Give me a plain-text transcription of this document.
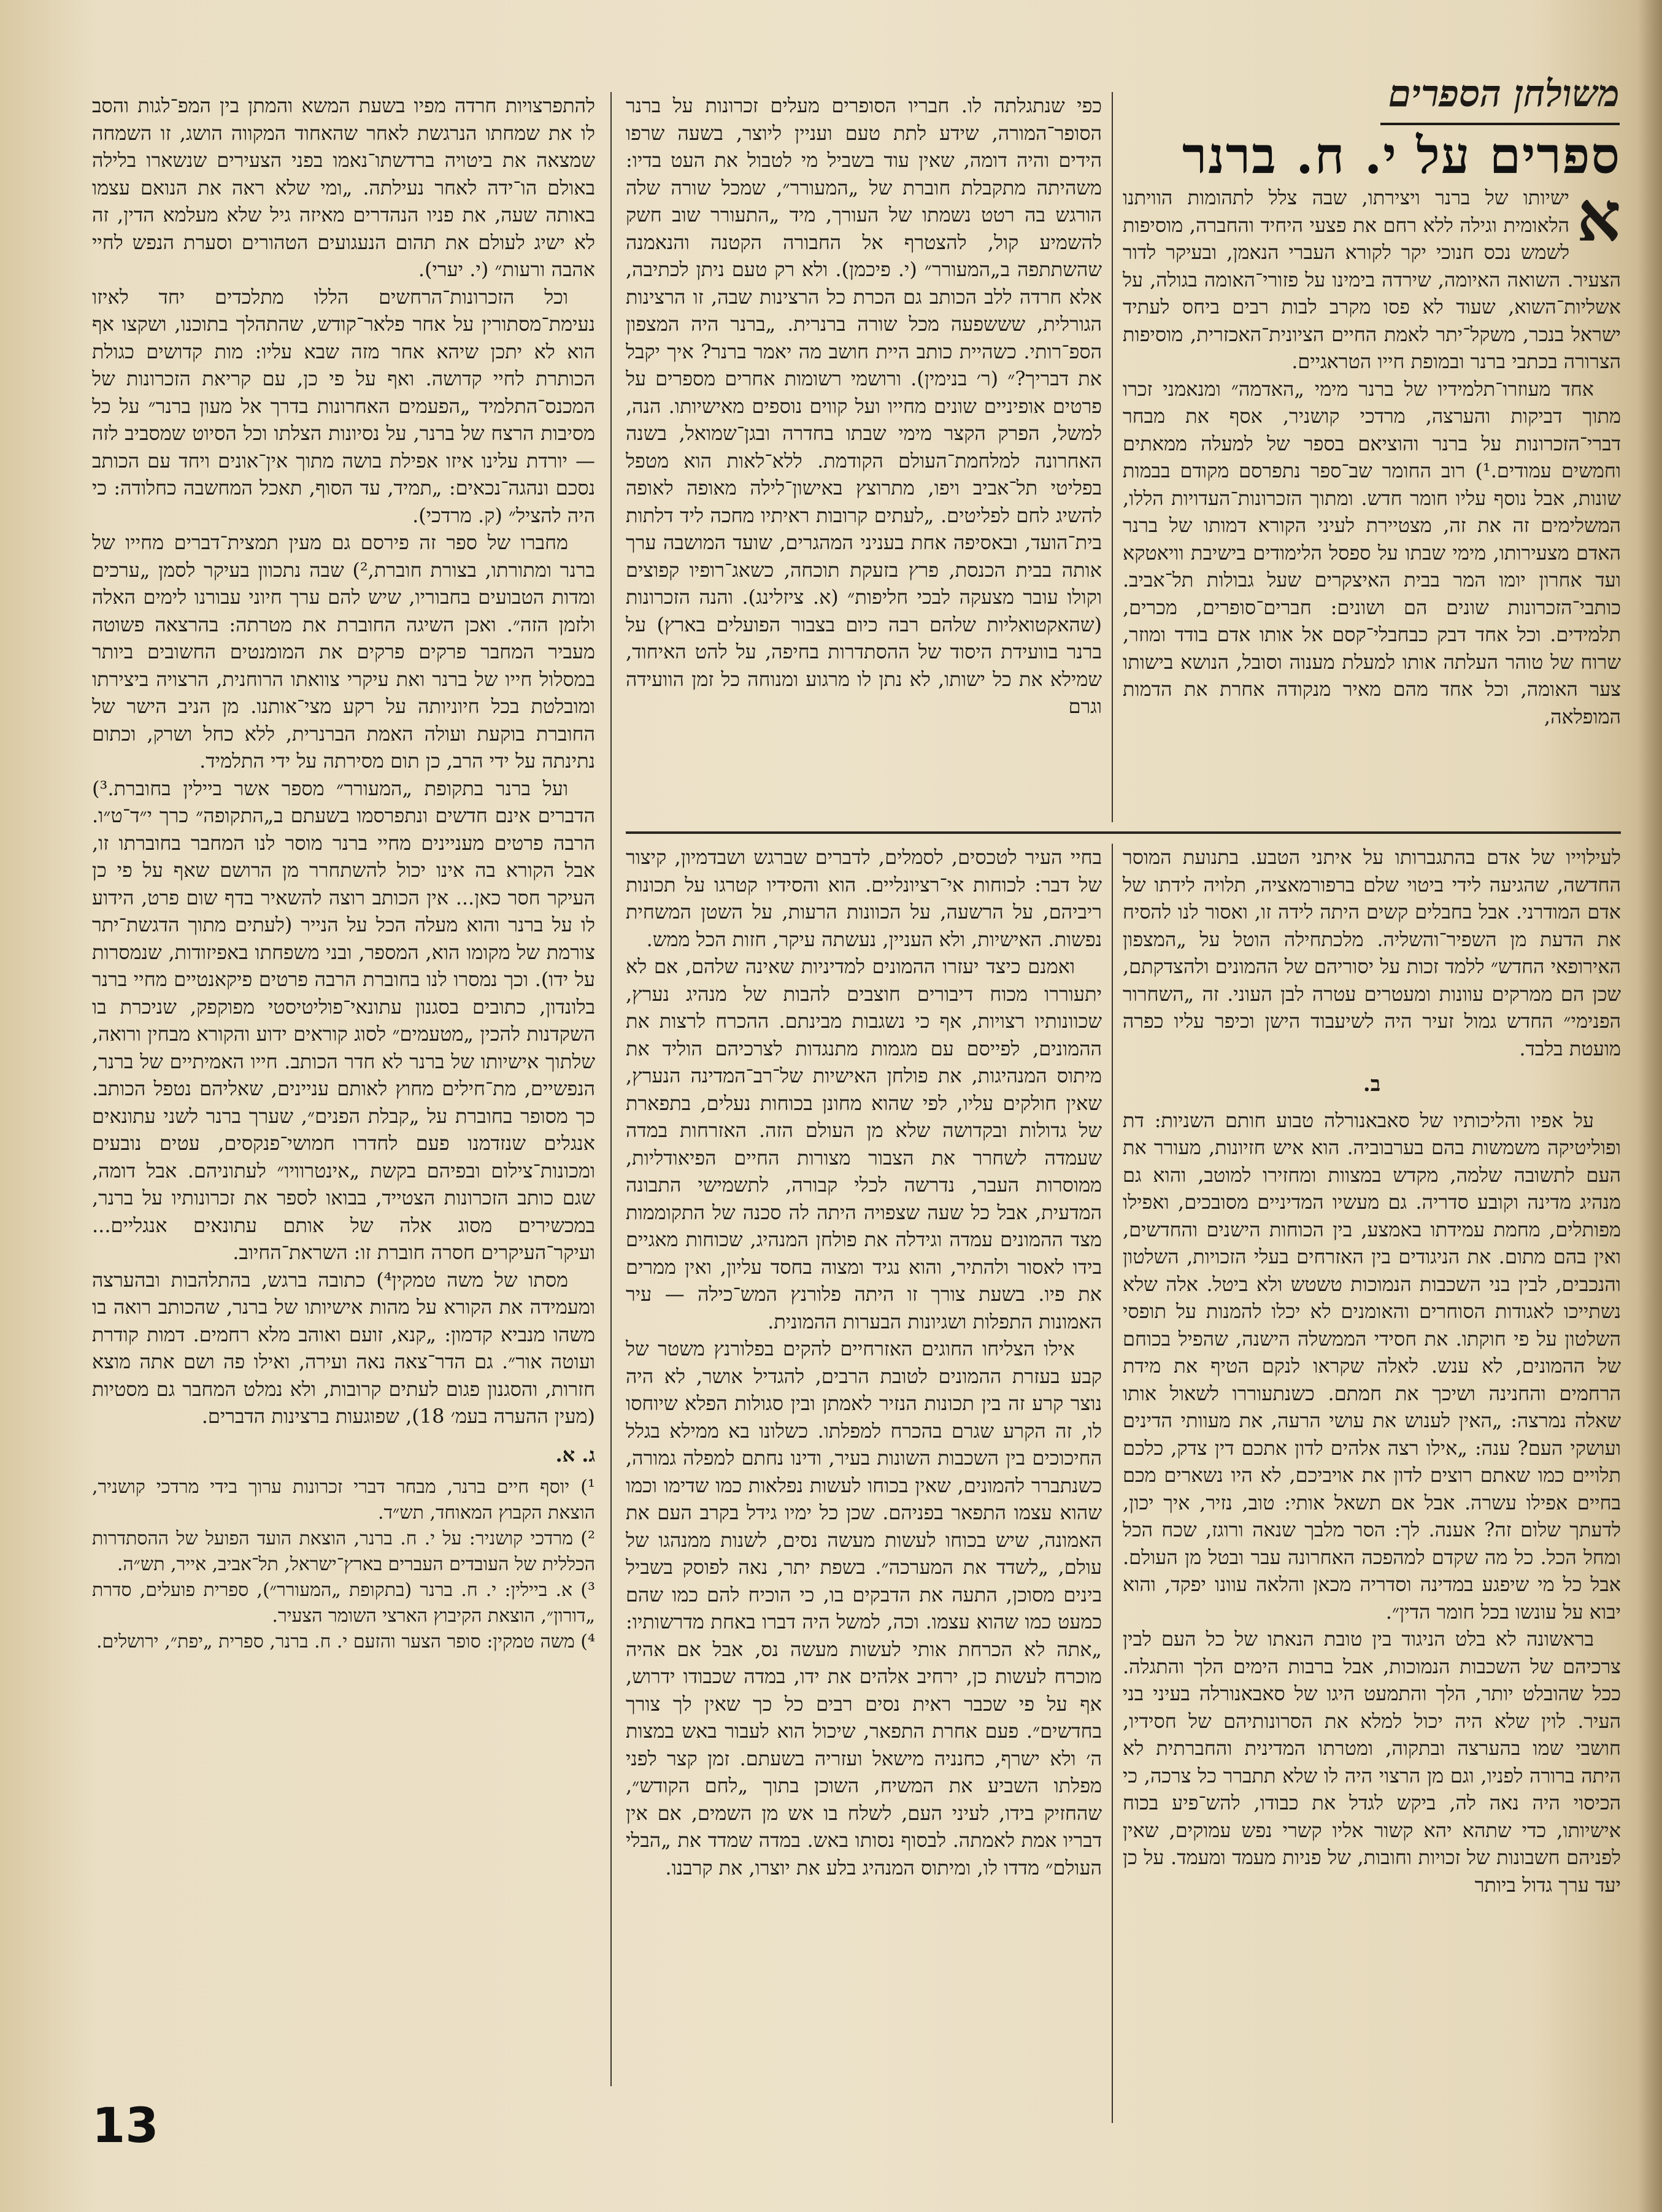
משולחן הספרים
ספרים על י. ח. ברנר

א
ישיותו של ברנר ויצירתו, שבה צלל לתהומות הוויתנו הלאומית וגילה ללא רחם את פצעי היחיד והחברה, מוסיפות לשמש נכס חנוכי יקר לקורא העברי הנאמן, ובעיקר לדור הצעיר. השואה האיומה, שירדה בימינו על פזורי־האומה בגולה, על אשליות־השוא, שעוד לא פסו מקרב לבות רבים ביחס לעתיד ישראל בנכר, משקל־יתר לאמת החיים הציונית־האכזרית, מוסיפות הצרורה בכתבי ברנר ובמופת חייו הטראגיים.

אחד מעוזרו־תלמידיו של ברנר מימי „האדמה״ ומנאמני זכרו מתוך דביקות והערצה, מרדכי קושניר, אסף את מבחר דברי־הזכרונות על ברנר והוציאם בספר של למעלה ממאתים וחמשים עמודים.¹) רוב החומר שב־ספר נתפרסם מקודם בבמות שונות, אבל נוסף עליו חומר חדש. ומתוך הזכרונות־העדויות הללו, המשלימים זה את זה, מצטיירת לעיני הקורא דמותו של ברנר האדם מצעירותו, מימי שבתו על ספסל הלימודים בישיבת וויאטקא ועד אחרון יומו המר בבית האיצקרים שעל גבולות תל־אביב. כותבי־הזכרונות שונים הם ושונים: חברים־סופרים, מכרים, תלמידים. וכל אחד דבק כבחבלי־קסם אל אותו אדם בודד ומוזר, שרוח של טוהר העלתה אותו למעלת מענוה וסובל, הנושא בישותו צער האומה, וכל אחד מהם מאיר מנקודה אחרת את הדמות המופלאה,

כפי שנתגלתה לו. חבריו הסופרים מעלים זכרונות על ברנר הסופר־המורה, שידע לתת טעם ועניין ליוצר, בשעה שרפו הידים והיה דומה, שאין עוד בשביל מי לטבול את העט בדיו: משהיתה מתקבלת חוברת של „המעורר״, שמכל שורה שלה הורגש בה רטט נשמתו של העורך, מיד „התעורר שוב חשק להשמיע קול, להצטרף אל החבורה הקטנה והנאמנה שהשתתפה ב„המעורר״ (י. פיכמן). ולא רק טעם ניתן לכתיבה, אלא חרדה ללב הכותב גם הכרת כל הרצינות שבה, זו הרצינות הגורלית, שששפעה מכל שורה ברנרית. „ברנר היה המצפון הספ־רותי. כשהיית כותב היית חושב מה יאמר ברנר? איך יקבל את דבריך?״ (ר׳ בנימין). ורושמי רשומות אחרים מספרים על פרטים אופיניים שונים מחייו ועל קווים נוספים מאישיותו. הנה, למשל, הפרק הקצר מימי שבתו בחדרה ובגן־שמואל, בשנה האחרונה למלחמת־העולם הקודמת. ללא־לאות הוא מטפל בפליטי תל־אביב ויפו, מתרוצץ באישון־לילה מאופה לאופה להשיג לחם לפליטים. „לעתים קרובות ראיתיו מחכה ליד דלתות בית־הועד, ובאסיפה אחת בעניני המהגרים, שועד המושבה ערך אותה בבית הכנסת, פרץ בזעקת תוכחה, כשאג־רופיו קפוצים וקולו עובר מצעקה לבכי חליפות״ (א. ציזלינג). והנה הזכרונות (שהאקטואליות שלהם רבה כיום בצבור הפועלים בארץ) על ברנר בוועידת היסוד של ההסתדרות בחיפה, על להט האיחוד, שמילא את כל ישותו, לא נתן לו מרגוע ומנוחה כל זמן הוועידה וגרם

להתפרצויות חרדה מפיו בשעת המשא והמתן בין המפ־לגות והסב לו את שמחתו הנרגשת לאחר שהאחוד המקווה הושג, זו השמחה שמצאה את ביטויה ברדשתו־נאמו בפני הצעירים שנשארו בלילה באולם הו־ידה לאחר נעילתה. „ומי שלא ראה את הנואם עצמו באותה שעה, את פניו הנהדרים מאיזה גיל שלא מעלמא הדין, זה לא ישיג לעולם את תהום הנעגועים הטהורים וסערת הנפש לחיי אהבה ורעות״ (י. יערי).

וכל הזכרונות־הרחשים הללו מתלכדים יחד לאיזו נעימת־מסתורין על אחר פלאר־קודש, שהתהלך בתוכנו, ושקצו אף הוא לא יתכן שיהא אחר מזה שבא עליו: מות קדושים כגולת הכותרת לחיי קדושה. ואף על פי כן, עם קריאת הזכרונות של המכנס־התלמיד „הפעמים האחרונות בדרך אל מעון ברנר״ על כל מסיבות הרצח של ברנר, על נסיונות הצלתו וכל הסיוט שמסביב לזה — יורדת עלינו איזו אפילת בושה מתוך אין־אונים ויחד עם הכותב נסכם ונהגה־נכאים: „תמיד, עד הסוף, תאכל המחשבה כחלודה: כי היה להציל״ (ק. מרדכי).

מחברו של ספר זה פירסם גם מעין תמצית־דברים מחייו של ברנר ומתורתו, בצורת חוברת,²) שבה נתכוון בעיקר לסמן „ערכים ומדות הטבועים בחבוריו, שיש להם ערך חיוני עבורנו לימים האלה ולזמן הזה״. ואכן השיגה החוברת את מטרתה: בהרצאה פשוטה מעביר המחבר פרקים פרקים את המומנטים החשובים ביותר במסלול חייו של ברנר ואת עיקרי צוואתו הרוחנית, הרצויה ביצירתו ומובלטת בכל חיוניותה על רקע מצי־אותנו. מן הניב הישר של החוברת בוקעת ועולה האמת הברנרית, ללא כחל ושרק, וכתום נתינתה על ידי הרב, כן תום מסירתה על ידי התלמיד.

ועל ברנר בתקופת „המעורר״ מספר אשר ביילין בחוברת.³) הדברים אינם חדשים ונתפרסמו בשעתם ב„התקופה״ כרך י״ד־ט״ו. הרבה פרטים מעניינים מחיי ברנר מוסר לנו המחבר בחוברתו זו, אבל הקורא בה אינו יכול להשתחרר מן הרושם שאף על פי כן העיקר חסר כאן... אין הכותב רוצה להשאיר בדף שום פרט, הידוע לו על ברנר והוא מעלה הכל על הנייר (לעתים מתוך הדגשת־יתר צורמת של מקומו הוא, המספר, ובני משפחתו באפיזודות, שנמסרות על ידו). וכך נמסרו לנו בחוברת הרבה פרטים פיקאנטיים מחיי ברנר בלונדון, כתובים בסגנון עתונאי־פוליטיסטי מפוקפק, שניכרת בו השקדנות להכין „מטעמים״ לסוג קוראים ידוע והקורא מבחין ורואה, שלתוך אישיותו של ברנר לא חדר הכותב. חייו האמיתיים של ברנר, הנפשיים, מת־חילים מחוץ לאותם עניינים, שאליהם נטפל הכותב. כך מסופר בחוברת על „קבלת הפנים״, שערך ברנר לשני עתונאים אנגלים שנזדמנו פעם לחדרו חמושי־פנקסים, עטים נובעים ומכונות־צילום ובפיהם בקשת „אינטרוויו״ לעתוניהם. אבל דומה, שגם כותב הזכרונות הצטייד, בבואו לספר את זכרונותיו על ברנר, במכשירים מסוג אלה של אותם עתונאים אנגליים... ועיקר־העיקרים חסרה חוברת זו: השראת־החיוב.

מסתו של משה טמקין⁴) כתובה ברגש, בהתלהבות ובהערצה ומעמידה את הקורא על מהות אישיותו של ברנר, שהכותב רואה בו משהו מנביא קדמון: „קנא, זועם ואוהב מלא רחמים. דמות קודרת ועוטה אור״. גם הדר־צאה נאה ועירה, ואילו פה ושם אתה מוצא חזרות, והסגנון פגום לעתים קרובות, ולא נמלט המחבר גם מסטיות (מעין ההערה בעמ׳ 18), שפוגעות ברצינות הדברים.

ג. א.

¹) יוסף חיים ברנר, מבחר דברי זכרונות ערוך בידי מרדכי קושניר, הוצאת הקבוץ המאוחד, תש״ד.

²) מרדכי קושניר: על י. ח. ברנר, הוצאת הועד הפועל של ההסתדרות הכללית של העובדים העברים בארץ־ישראל, תל־אביב, אייר, תש״ה.

³) א. ביילין: י. ח. ברנר (בתקופת „המעורר״), ספרית פועלים, סדרת „דורון״, הוצאת הקיבוץ הארצי השומר הצעיר.

⁴) משה טמקין: סופר הצער והזעם י. ח. ברנר, ספרית „יפת״, ירושלים.

לעילוייו של אדם בהתגברותו על איתני הטבע. בתנועת המוסר החדשה, שהגיעה לידי ביטוי שלם ברפורמאציה, תלויה לידתו של אדם המודרני. אבל בחבלים קשים היתה לידה זו, ואסור לנו להסיח את הדעת מן השפיר־והשליה. מלכתחילה הוטל על „המצפון האירופאי החדש״ ללמד זכות על יסוריהם של ההמונים ולהצדקתם, שכן הם ממרקים עוונות ומעטרים עטרה לבן העוני. זה „השחרור הפנימי״ החדש גמול זעיר היה לשיעבוד הישן וכיפר עליו כפרה מועטת בלבד.

ב.

על אפיו והליכותיו של סאבאנורלה טבוע חותם השניות: דת ופוליטיקה משמשות בהם בערבוביה. הוא איש חזיונות, מעורר את העם לתשובה שלמה, מקדש במצוות ומחזירו למוטב, והוא גם מנהיג מדינה וקובע סדריה. גם מעשיו המדיניים מסובכים, ואפילו מפותלים, מחמת עמידתו באמצע, בין הכוחות הישנים והחדשים, ואין בהם מתום. את הניגודים בין האזרחים בעלי הזכויות, השלטון והנכבים, לבין בני השכבות הנמוכות טשטש ולא ביטל. אלה שלא נשתייכו לאגודות הסוחרים והאומנים לא יכלו להמנות על תופסי השלטון על פי חוקתו. את חסידי הממשלה הישנה, שהפיל בכוחם של ההמונים, לא ענש. לאלה שקראו לנקם הטיף את מידת הרחמים והחנינה ושיכך את חמתם. כשנתעוררו לשאול אותו שאלה נמרצה: „האין לענוש את עושי הרעה, את מעוותי הדינים ועושקי העם? ענה: „אילו רצה אלהים לדון אתכם דין צדק, כלכם תלויים כמו שאתם רוצים לדון את אויביכם, לא היו נשארים מכם בחיים אפילו עשרה. אבל אם תשאל אותי: טוב, נזיר, איך יכון, לדעתך שלום זה? אענה. לך: הסר מלבך שנאה ורוגז, שכח הכל ומחל הכל. כל מה שקדם למהפכה האחרונה עבר ובטל מן העולם. אבל כל מי שיפגע במדינה וסדריה מכאן והלאה עוונו יפקד, והוא יבוא על עונשו בכל חומר הדין״.

בראשונה לא בלט הניגוד בין טובת הנאתו של כל העם לבין צרכיהם של השכבות הנמוכות, אבל ברבות הימים הלך והתגלה. ככל שהובלט יותר, הלך והתמעט היגו של סאבאנורלה בעיני בני העיר. לוין שלא היה יכול למלא את הסרונותיהם של חסידיו, חושבי שמו בהערצה ובתקוה, ומטרתו המדינית והחברתית לא היתה ברורה לפניו, וגם מן הרצוי היה לו שלא תתברר כל צרכה, כי הכיסוי היה נאה לה, ביקש לגדל את כבודו, להש־פיע בכוח אישיותו, כדי שתהא יהא קשור אליו קשרי נפש עמוקים, שאין לפניהם חשבונות של זכויות וחובות, של פניות מעמד ומעמד. על כן יעד ערך גדול ביותר

בחיי העיר לטכסים, לסמלים, לדברים שברגש ושבדמיון, קיצור של דבר: לכוחות אי־רציונליים. הוא והסידיו קטרגו על תכונות ריביהם, על הרשעה, על הכוונות הרעות, על השטן המשחית נפשות. האישיות, ולא העניין, נעשתה עיקר, חזות הכל ממש.

ואמנם כיצד יעזרו ההמונים למדיניות שאינה שלהם, אם לא יתעוררו מכוח דיבורים חוצבים להבות של מנהיג נערץ, שכוונותיו רצויות, אף כי נשגבות מבינתם. ההכרח לרצות את ההמונים, לפייסם עם מגמות מתנגדות לצרכיהם הוליד את מיתוס המנהיגות, את פולחן האישיות של־רב־המדינה הנערץ, שאין חולקים עליו, לפי שהוא מחונן בכוחות נעלים, בתפארת של גדולות ובקדושה שלא מן העולם הזה. האזרחות במדה שעמדה לשחרר את הצבור מצורות החיים הפיאודליות, ממוסרות העבר, נדרשה לכלי קבורה, לתשמישי התבונה המדעית, אבל כל שעה שצפויה היתה לה סכנה של התקוממות מצד ההמונים עמדה וגידלה את פולחן המנהיג, שכוחות מאגיים בידו לאסור ולהתיר, והוא נגיד ומצוה בחסד עליון, ואין ממרים את פיו. בשעת צורך זו היתה פלורנץ המש־כילה — עיר האמונות התפלות ושגיונות הבערות ההמונית.

אילו הצליחו החוגים האזרחיים להקים בפלורנץ משטר של קבע בעזרת ההמונים לטובת הרבים, להגדיל אושר, לא היה נוצר קרע זה בין תכונות הנזיר לאמתן ובין סגולות הפלא שיוחסו לו, זה הקרע שגרם בהכרח למפלתו. כשלונו בא ממילא בגלל החיכוכים בין השכבות השונות בעיר, ודינו נחתם למפלה גמורה, כשנתברר להמונים, שאין בכוחו לעשות נפלאות כמו שדימו וכמו שהוא עצמו התפאר בפניהם. שכן כל ימיו גידל בקרב העם את האמונה, שיש בכוחו לעשות מעשה נסים, לשנות ממנהגו של עולם, „לשדד את המערכה״. בשפת יתר, נאה לפוסק בשביל בינים מסוכן, התעה את הדבקים בו, כי הוכיח להם כמו שהם כמעט כמו שהוא עצמו. וכה, למשל היה דברו באחת מדרשותיו: „אתה לא הכרחת אותי לעשות מעשה נס, אבל אם אהיה מוכרח לעשות כן, ירחיב אלהים את ידו, במדה שכבודו ידרוש, אף על פי שכבר ראית נסים רבים כל כך שאין לך צורך בחדשים״. פעם אחרת התפאר, שיכול הוא לעבור באש במצות ה׳ ולא ישרף, כחנניה מישאל ועזריה בשעתם. זמן קצר לפני מפלתו השביע את המשיח, השוכן בתוך „לחם הקודש״, שהחזיק בידו, לעיני העם, לשלח בו אש מן השמים, אם אין דבריו אמת לאמתה. לבסוף נסותו באש. במדה שמדד את „הבלי העולם״ מדדו לו, ומיתוס המנהיג בלע את יוצרו, את קרבנו.

13
